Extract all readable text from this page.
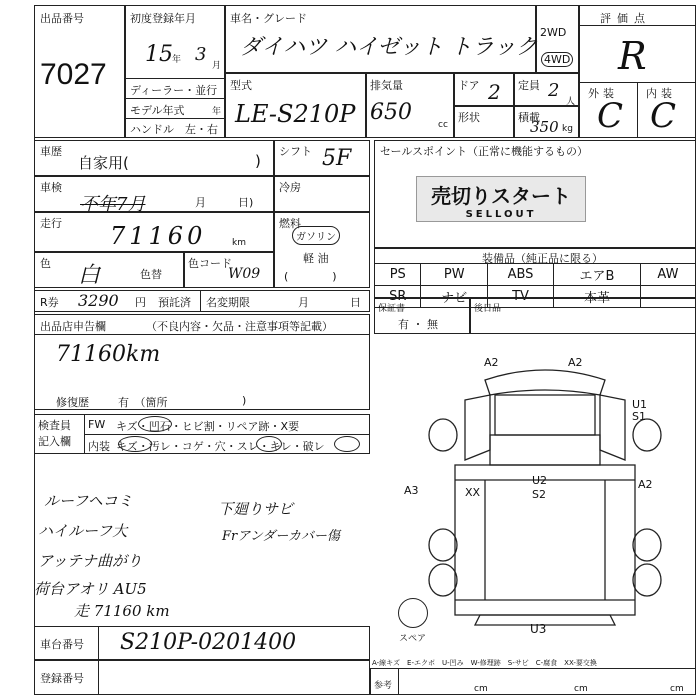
出品番号
7027
初度登録年月
15 年 3
月
ディーラー・並行
モデル年式	年
ハンドル　左・右
車名・グレード
ダイハツ ハイゼット トラック
2WD
4WD
評価点
R
外装	内装
C C
型式
LE-S210P
排気量
650	cc
ドア 2 定員 2
人
形状	積載
350 kg
車歴
自家用(	)
シフト 5F
車検
不年7月	月	日)
冷房
走行 71160	km
燃料
ガソリン
軽 油
(　　　　)
色 白	色替
色コード
W09
セールスポイント（正常に機能するもの）
売切りスタート
SELLOUT
装備品（純正品に限る）
PS	PW	ABS	エアB	AW
SR	ナビ	TV	本革	
R券 3290 円 預託済 名変期限	月	日 保証書
有 ・ 無
後日品
出品店申告欄	（不良内容・欠品・注意事項等記載）
71160km
修復歴	有　（箇所	)
検査員
記入欄
FW キズ・凹石・ヒビ割・リペア跡・X要
内装 キズ・汚レ・コゲ・穴・スレ・キレ・破レ
ルーフヘコミ
ハイルーフ大
アッテナ曲がり
荷台アオリ AU5
走 71160 km
下廻りサビ
Frアンダーカバー傷
A2	A2
U1
S1
A3	XX
U2
S2
A2
U3
スペア
車台番号 S210P-0201400
登録番号
A-線キズ　E-エクボ　U-凹み　W-修理跡　S-サビ　C-腐食　XX-要交換
参考	cm	cm	cm
